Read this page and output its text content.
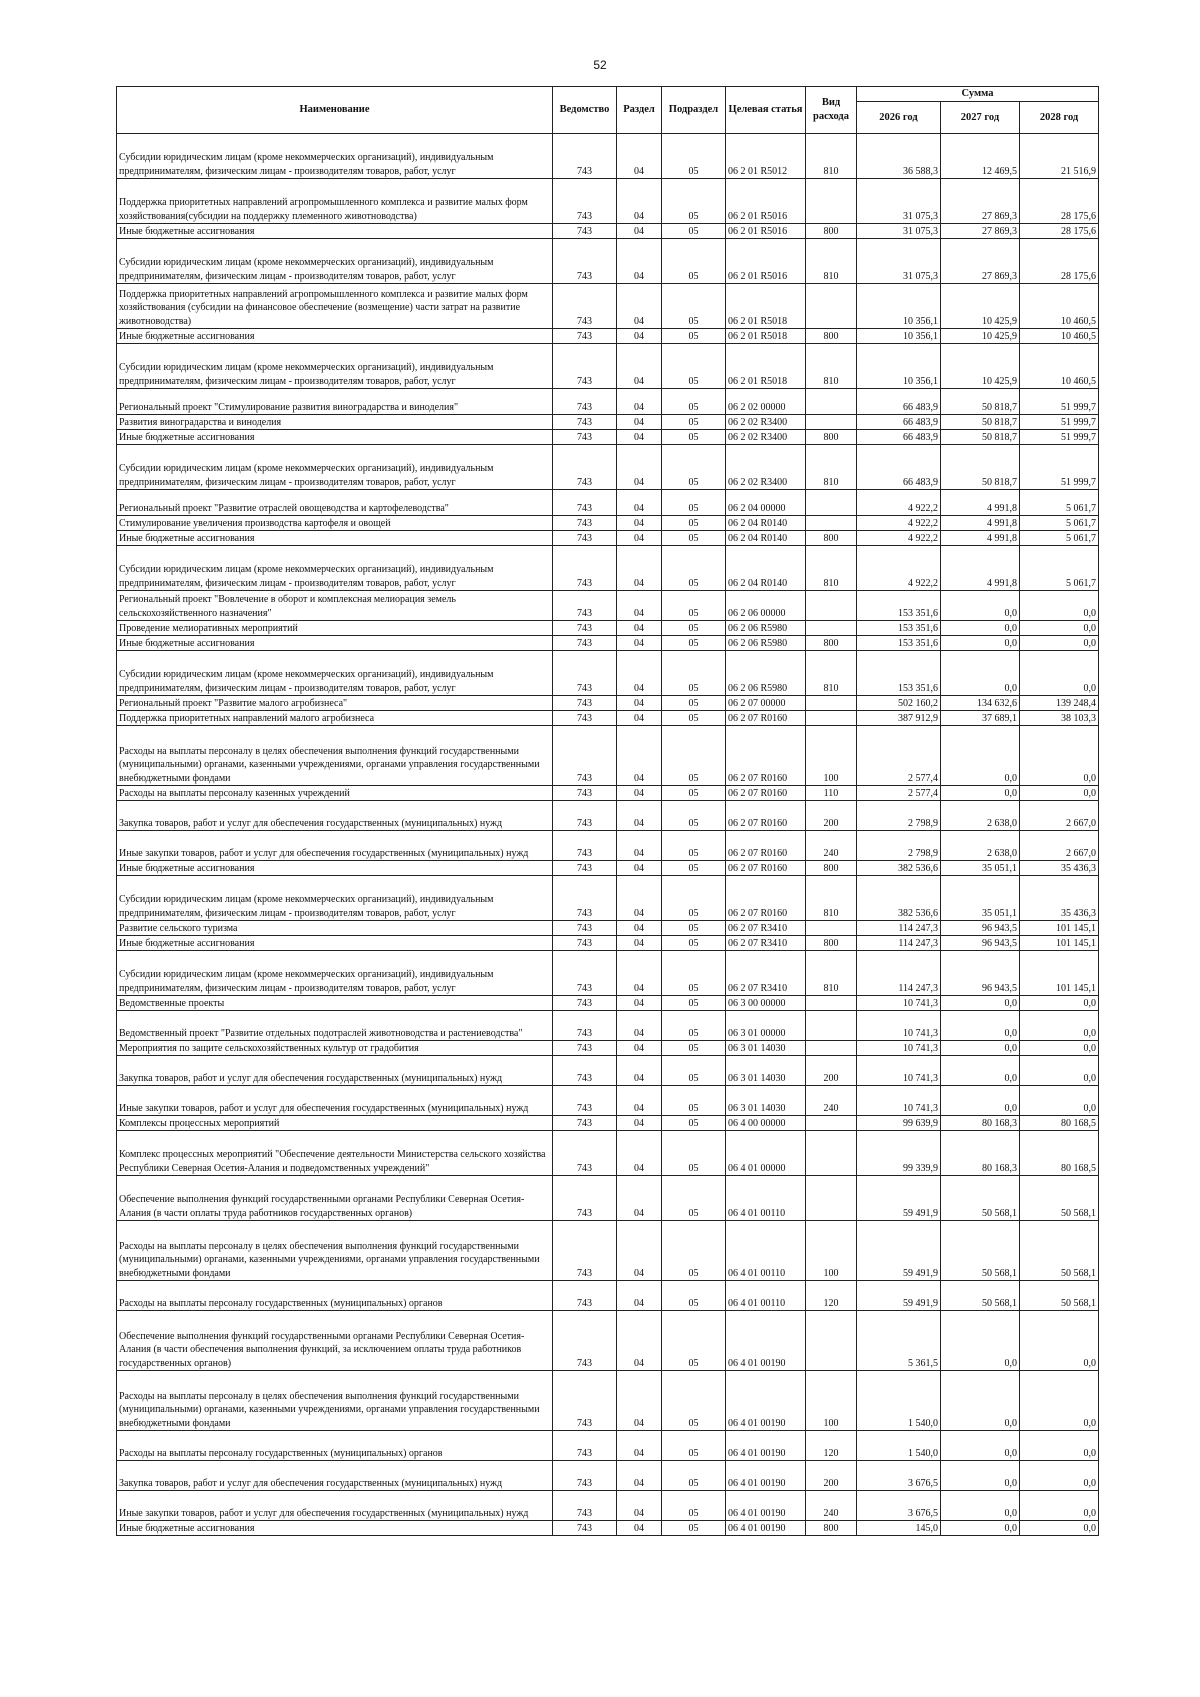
52
Наименование	Ведомство	Раздел	Подраздел	Целевая статья	Вид расхода	Сумма		
						2026 год	2027 год	2028 год
Субсидии юридическим лицам (кроме некоммерческих организаций), индивидуальным предпринимателям, физическим лицам - производителям товаров, работ, услуг	743	04	05	06 2 01 R5012	810	36 588,3	12 469,5	21 516,9
Поддержка приоритетных направлений агропромышленного комплекса и развитие малых форм хозяйствования(субсидии на поддержку племенного животноводства)	743	04	05	06 2 01 R5016		31 075,3	27 869,3	28 175,6
Иные бюджетные ассигнования	743	04	05	06 2 01 R5016	800	31 075,3	27 869,3	28 175,6
Субсидии юридическим лицам (кроме некоммерческих организаций), индивидуальным предпринимателям, физическим лицам - производителям товаров, работ, услуг	743	04	05	06 2 01 R5016	810	31 075,3	27 869,3	28 175,6
Поддержка приоритетных направлений агропромышленного комплекса и развитие малых форм хозяйствования (субсидии на финансовое обеспечение (возмещение) части затрат на развитие животноводства)	743	04	05	06 2 01 R5018		10 356,1	10 425,9	10 460,5
Иные бюджетные ассигнования	743	04	05	06 2 01 R5018	800	10 356,1	10 425,9	10 460,5
Субсидии юридическим лицам (кроме некоммерческих организаций), индивидуальным предпринимателям, физическим лицам - производителям товаров, работ, услуг	743	04	05	06 2 01 R5018	810	10 356,1	10 425,9	10 460,5
Региональный проект "Стимулирование развития виноградарства и виноделия"	743	04	05	06 2 02 00000		66 483,9	50 818,7	51 999,7
Развития виноградарства и виноделия	743	04	05	06 2 02 R3400		66 483,9	50 818,7	51 999,7
Иные бюджетные ассигнования	743	04	05	06 2 02 R3400	800	66 483,9	50 818,7	51 999,7
Субсидии юридическим лицам (кроме некоммерческих организаций), индивидуальным предпринимателям, физическим лицам - производителям товаров, работ, услуг	743	04	05	06 2 02 R3400	810	66 483,9	50 818,7	51 999,7
Региональный проект "Развитие отраслей овощеводства и картофелеводства"	743	04	05	06 2 04 00000		4 922,2	4 991,8	5 061,7
Стимулирование увеличения производства картофеля и овощей	743	04	05	06 2 04 R0140		4 922,2	4 991,8	5 061,7
Иные бюджетные ассигнования	743	04	05	06 2 04 R0140	800	4 922,2	4 991,8	5 061,7
Субсидии юридическим лицам (кроме некоммерческих организаций), индивидуальным предпринимателям, физическим лицам - производителям товаров, работ, услуг	743	04	05	06 2 04 R0140	810	4 922,2	4 991,8	5 061,7
Региональный проект "Вовлечение в оборот и комплексная мелиорация земель сельскохозяйственного назначения"	743	04	05	06 2 06 00000		153 351,6	0,0	0,0
Проведение мелиоративных мероприятий	743	04	05	06 2 06 R5980		153 351,6	0,0	0,0
Иные бюджетные ассигнования	743	04	05	06 2 06 R5980	800	153 351,6	0,0	0,0
Субсидии юридическим лицам (кроме некоммерческих организаций), индивидуальным предпринимателям, физическим лицам - производителям товаров, работ, услуг	743	04	05	06 2 06 R5980	810	153 351,6	0,0	0,0
Региональный проект "Развитие малого агробизнеса"	743	04	05	06 2 07 00000		502 160,2	134 632,6	139 248,4
Поддержка приоритетных направлений малого агробизнеса	743	04	05	06 2 07 R0160		387 912,9	37 689,1	38 103,3
Расходы на выплаты персоналу в целях обеспечения выполнения функций государственными (муниципальными) органами, казенными учреждениями, органами управления государственными внебюджетными фондами	743	04	05	06 2 07 R0160	100	2 577,4	0,0	0,0
Расходы на выплаты персоналу казенных учреждений	743	04	05	06 2 07 R0160	110	2 577,4	0,0	0,0
Закупка товаров, работ и услуг для обеспечения государственных (муниципальных) нужд	743	04	05	06 2 07 R0160	200	2 798,9	2 638,0	2 667,0
Иные закупки товаров, работ и услуг для обеспечения государственных (муниципальных) нужд	743	04	05	06 2 07 R0160	240	2 798,9	2 638,0	2 667,0
Иные бюджетные ассигнования	743	04	05	06 2 07 R0160	800	382 536,6	35 051,1	35 436,3
Субсидии юридическим лицам (кроме некоммерческих организаций), индивидуальным предпринимателям, физическим лицам - производителям товаров, работ, услуг	743	04	05	06 2 07 R0160	810	382 536,6	35 051,1	35 436,3
Развитие сельского туризма	743	04	05	06 2 07 R3410		114 247,3	96 943,5	101 145,1
Иные бюджетные ассигнования	743	04	05	06 2 07 R3410	800	114 247,3	96 943,5	101 145,1
Субсидии юридическим лицам (кроме некоммерческих организаций), индивидуальным предпринимателям, физическим лицам - производителям товаров, работ, услуг	743	04	05	06 2 07 R3410	810	114 247,3	96 943,5	101 145,1
Ведомственные проекты	743	04	05	06 3 00 00000		10 741,3	0,0	0,0
Ведомственный проект "Развитие отдельных подотраслей животноводства и растениеводства"	743	04	05	06 3 01 00000		10 741,3	0,0	0,0
Мероприятия по защите сельскохозяйственных культур от градобития	743	04	05	06 3 01 14030		10 741,3	0,0	0,0
Закупка товаров, работ и услуг для обеспечения государственных (муниципальных) нужд	743	04	05	06 3 01 14030	200	10 741,3	0,0	0,0
Иные закупки товаров, работ и услуг для обеспечения государственных (муниципальных) нужд	743	04	05	06 3 01 14030	240	10 741,3	0,0	0,0
Комплексы процессных мероприятий	743	04	05	06 4 00 00000		99 639,9	80 168,3	80 168,5
Комплекс процессных мероприятий "Обеспечение деятельности Министерства сельского хозяйства Республики Северная Осетия-Алания и подведомственных учреждений"	743	04	05	06 4 01 00000		99 339,9	80 168,3	80 168,5
Обеспечение выполнения функций государственными органами Республики Северная Осетия-Алания (в части оплаты труда работников государственных органов)	743	04	05	06 4 01 00110		59 491,9	50 568,1	50 568,1
Расходы на выплаты персоналу в целях обеспечения выполнения функций государственными (муниципальными) органами, казенными учреждениями, органами управления государственными внебюджетными фондами	743	04	05	06 4 01 00110	100	59 491,9	50 568,1	50 568,1
Расходы на выплаты персоналу государственных (муниципальных) органов	743	04	05	06 4 01 00110	120	59 491,9	50 568,1	50 568,1
Обеспечение выполнения функций государственными органами Республики Северная Осетия-Алания (в части обеспечения выполнения функций, за исключением оплаты труда работников государственных органов)	743	04	05	06 4 01 00190		5 361,5	0,0	0,0
Расходы на выплаты персоналу в целях обеспечения выполнения функций государственными (муниципальными) органами, казенными учреждениями, органами управления государственными внебюджетными фондами	743	04	05	06 4 01 00190	100	1 540,0	0,0	0,0
Расходы на выплаты персоналу государственных (муниципальных) органов	743	04	05	06 4 01 00190	120	1 540,0	0,0	0,0
Закупка товаров, работ и услуг для обеспечения государственных (муниципальных) нужд	743	04	05	06 4 01 00190	200	3 676,5	0,0	0,0
Иные закупки товаров, работ и услуг для обеспечения государственных (муниципальных) нужд	743	04	05	06 4 01 00190	240	3 676,5	0,0	0,0
Иные бюджетные ассигнования	743	04	05	06 4 01 00190	800	145,0	0,0	0,0
